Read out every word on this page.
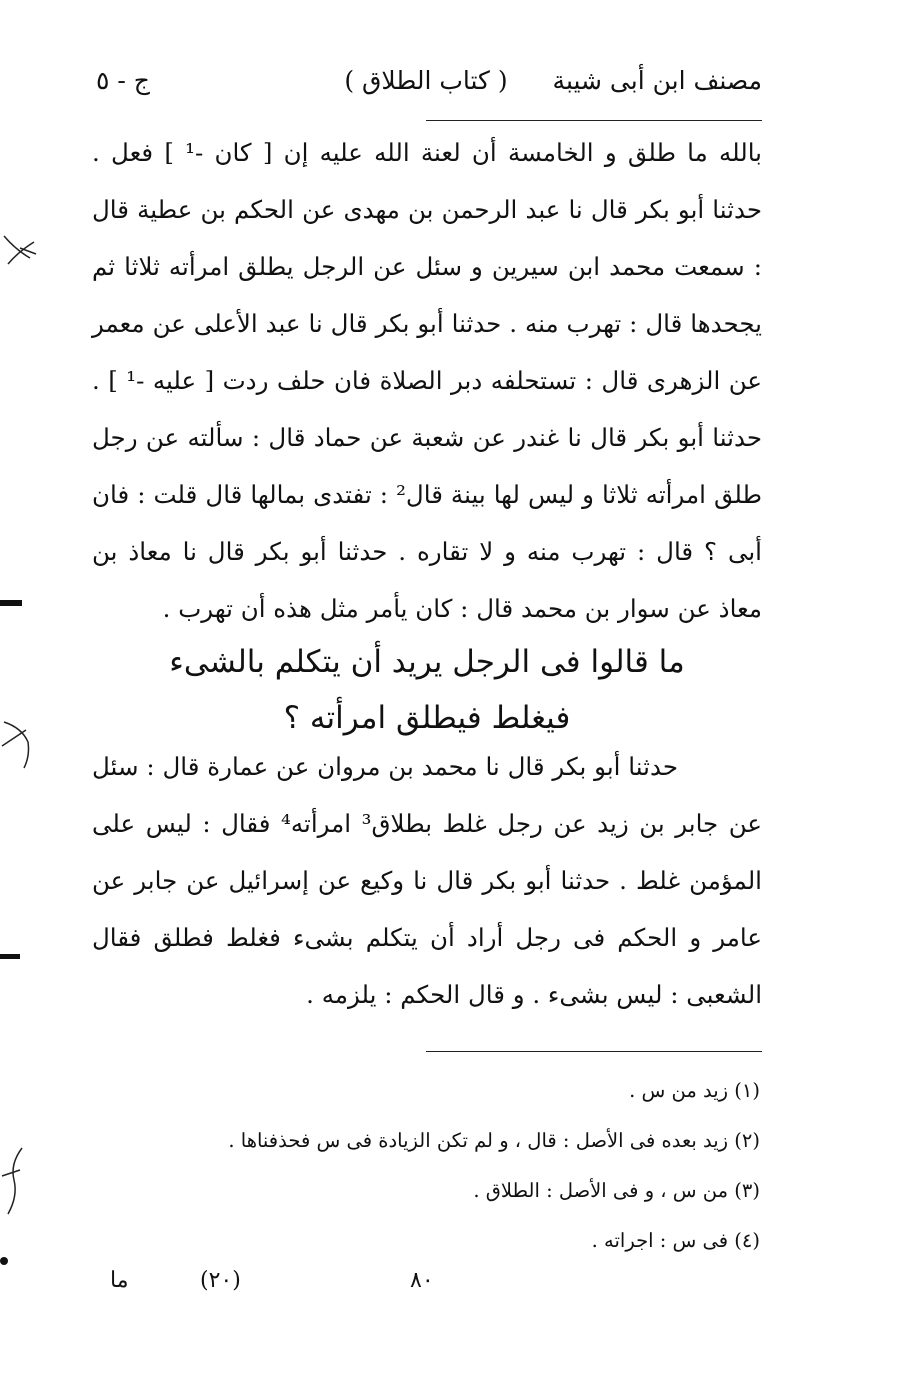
مصنف ابن أبى شيبة
( كتاب الطلاق )
ج - ٥

بالله ما طلق و الخامسة أن لعنة الله عليه إن [ كان -¹ ] فعل . حدثنا أبو بكر قال نا عبد الرحمن بن مهدى عن الحكم بن عطية قال : سمعت محمد ابن سيرين و سئل عن الرجل يطلق امرأته ثلاثا ثم يجحدها قال : تهرب منه . حدثنا أبو بكر قال نا عبد الأعلى عن معمر عن الزهرى قال : تستحلفه دبر الصلاة فان حلف ردت [ عليه -¹ ] . حدثنا أبو بكر قال نا غندر عن شعبة عن حماد قال : سألته عن رجل طلق امرأته ثلاثا و ليس لها بينة قال² : تفتدى بمالها قال قلت : فان أبى ؟ قال : تهرب منه و لا تقاره . حدثنا أبو بكر قال نا معاذ بن معاذ عن سوار بن محمد قال : كان يأمر مثل هذه أن تهرب .

ما قالوا فى الرجل يريد أن يتكلم بالشىء
فيغلط فيطلق امرأته ؟

حدثنا أبو بكر قال نا محمد بن مروان عن عمارة قال : سئل عن جابر بن زيد عن رجل غلط بطلاق³ امرأته⁴ فقال : ليس على المؤمن غلط . حدثنا أبو بكر قال نا وكيع عن إسرائيل عن جابر عن عامر و الحكم فى رجل أراد أن يتكلم بشىء فغلط فطلق فقال الشعبى : ليس بشىء . و قال الحكم : يلزمه .

(١) زيد من س .
(٢) زيد بعده فى الأصل : قال ، و لم تكن الزيادة فى س فحذفناها .
(٣) من س ، و فى الأصل : الطلاق .
(٤) فى س : اجراته .
ما	(٢٠)	٨٠
